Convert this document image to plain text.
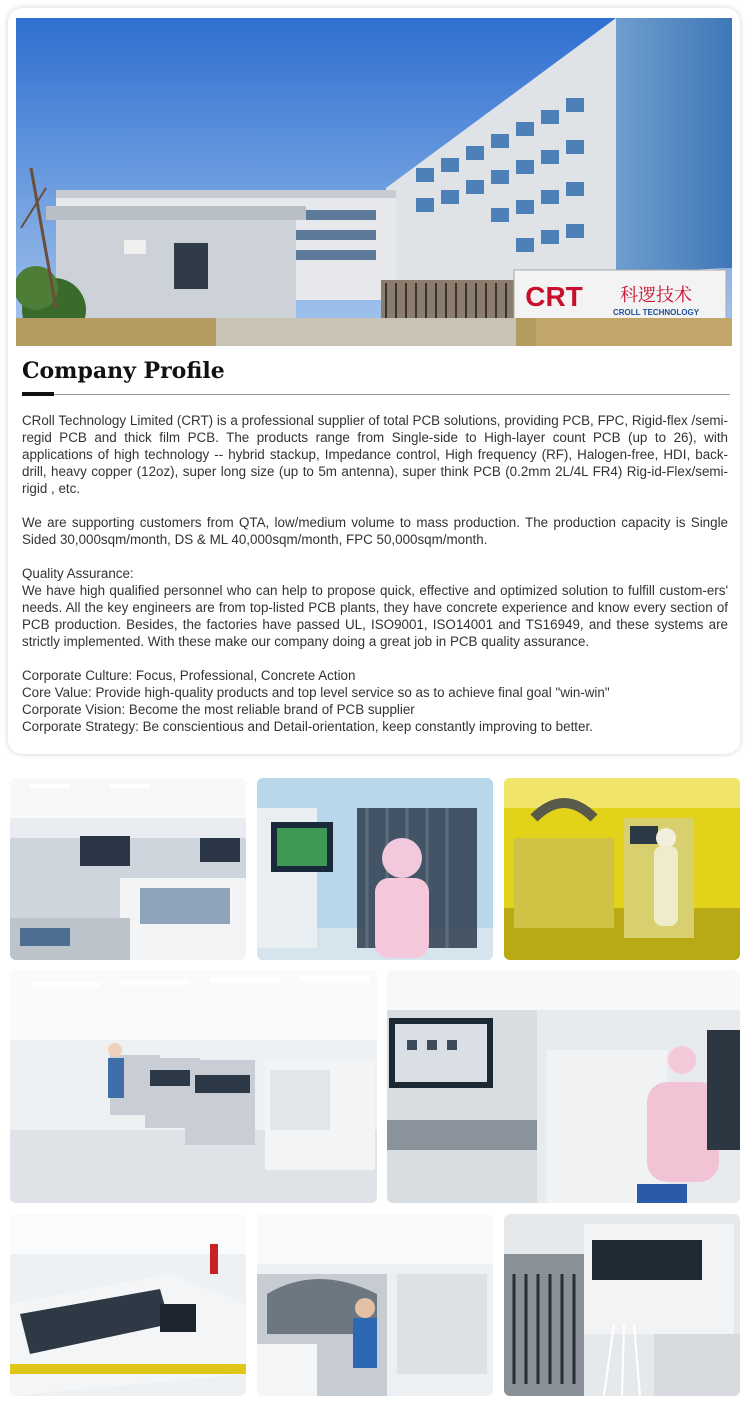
CRT 科逻技术
CROLL TECHNOLOGY
Company Profile

CRoll Technology Limited (CRT) is a professional supplier of total PCB solutions, providing PCB, FPC, Rigid-flex /semi-regid PCB and thick film PCB. The products range from Single-side to High-layer count PCB (up to 26), with applications of high technology -- hybrid stackup, Impedance control, High frequency (RF), Halogen-free, HDI, back-drill, heavy copper (12oz), super long size (up to 5m antenna), super think PCB (0.2mm 2L/4L FR4) Rig-id-Flex/semi-rigid , etc.

We are supporting customers from QTA, low/medium volume to mass production. The production capacity is Single Sided 30,000sqm/month, DS & ML 40,000sqm/month, FPC 50,000sqm/month.

Quality Assurance:
We have high qualified personnel who can help to propose quick, effective and optimized solution to fulfill custom-ers' needs. All the key engineers are from top-listed PCB plants, they have concrete experience and know every section of PCB production. Besides, the factories have passed UL, ISO9001, ISO14001 and TS16949, and these systems are strictly implemented. With these make our company doing a great job in PCB quality assurance.

Corporate Culture: Focus, Professional, Concrete Action
Core Value: Provide high-quality products and top level service so as to achieve final goal "win-win"
Corporate Vision: Become the most reliable brand of PCB supplier
Corporate Strategy: Be conscientious and Detail-orientation, keep constantly improving to better.
